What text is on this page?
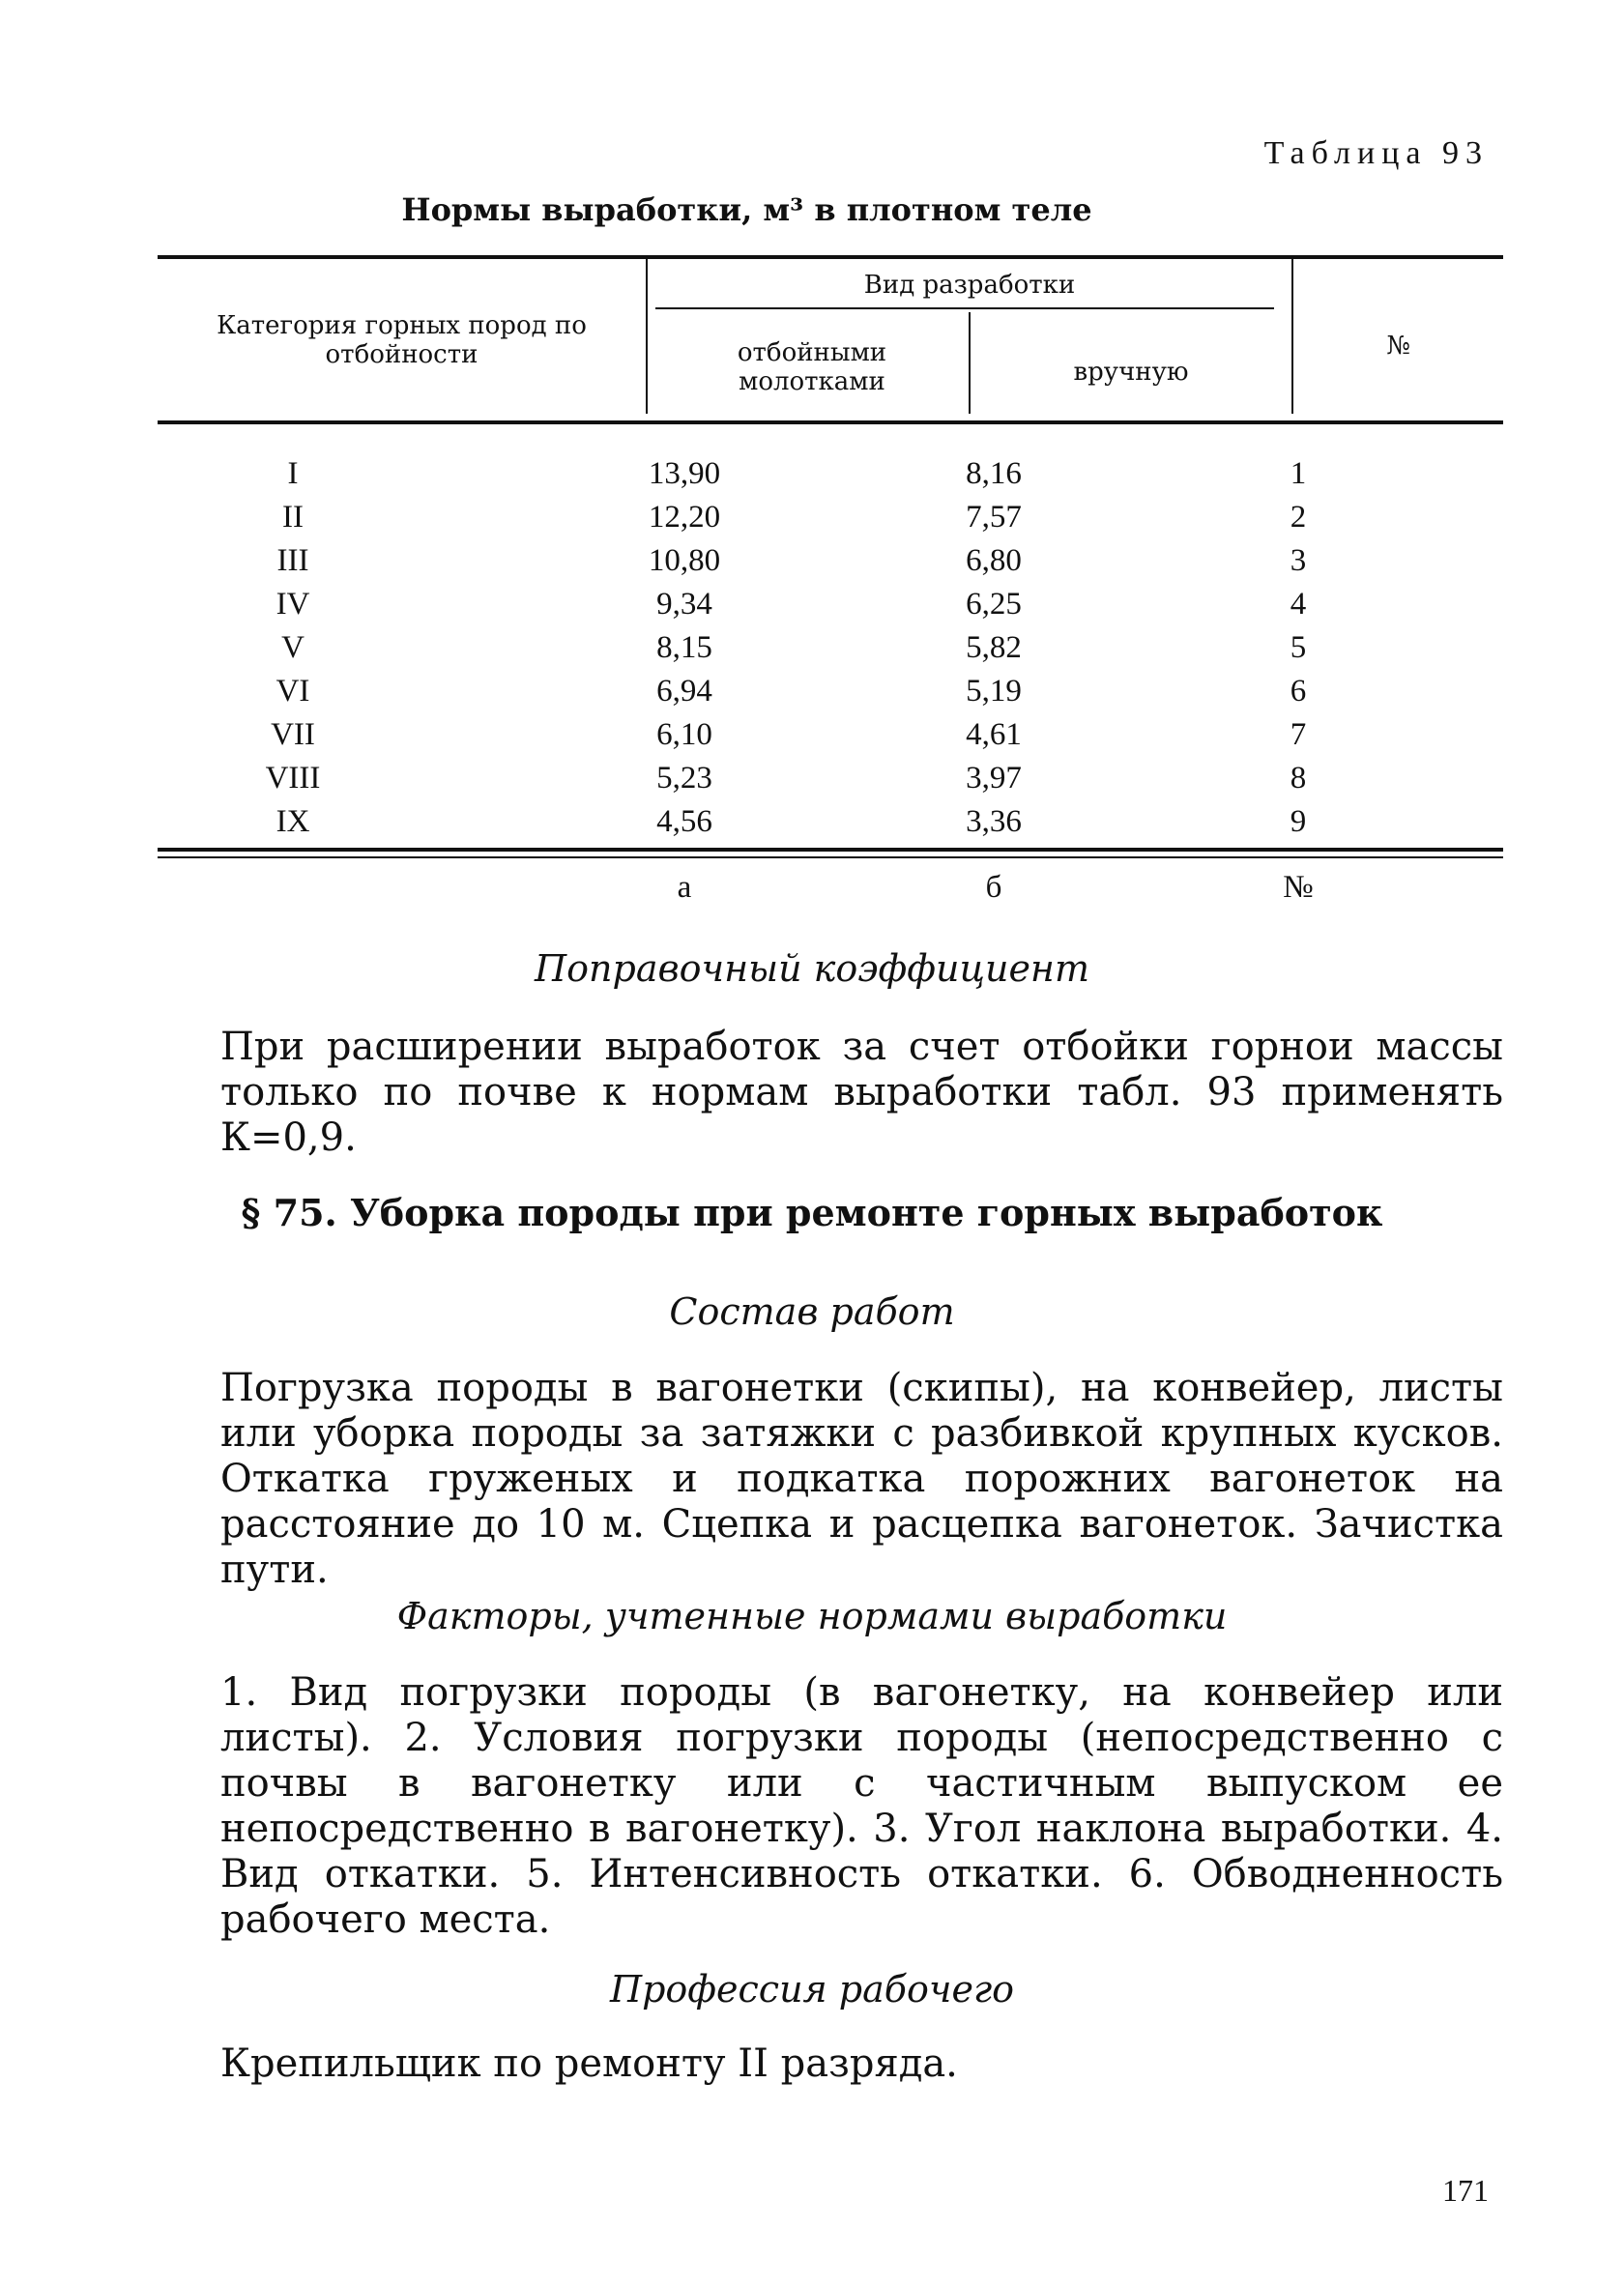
Таблица 93
Нормы выработки, м³ в плотном теле
Категория горных пород по отбойности
Вид разработки
отбойными молотками	вручную
№
I	13,90	8,16	1
II	12,20	7,57	2
III	10,80	6,80	3
IV	9,34	6,25	4
V	8,15	5,82	5
VI	6,94	5,19	6
VII	6,10	4,61	7
VIII	5,23	3,97	8
IX	4,56	3,36	9
а	б	№
Поправочный коэффициент
При расширении выработок за счет отбойки горнои массы только по почве к нормам выработки табл. 93 применять К=0,9.
§ 75. Уборка породы при ремонте горных выработок
Состав работ
Погрузка породы в вагонетки (скипы), на конвейер, листы или уборка породы за затяжки с разбивкой крупных кусков. Откатка груженых и подкатка порожних вагонеток на расстояние до 10 м. Сцепка и расцепка вагонеток. Зачистка пути.
Факторы, учтенные нормами выработки
1. Вид погрузки породы (в вагонетку, на конвейер или листы). 2. Условия погрузки породы (непосредственно с почвы в вагонетку или с частичным выпуском ее непосредственно в вагонетку). 3. Угол наклона выработки. 4. Вид откатки. 5. Интенсивность откатки. 6. Обводненность рабочего места.
Профессия рабочего
Крепильщик по ремонту II разряда.
171
